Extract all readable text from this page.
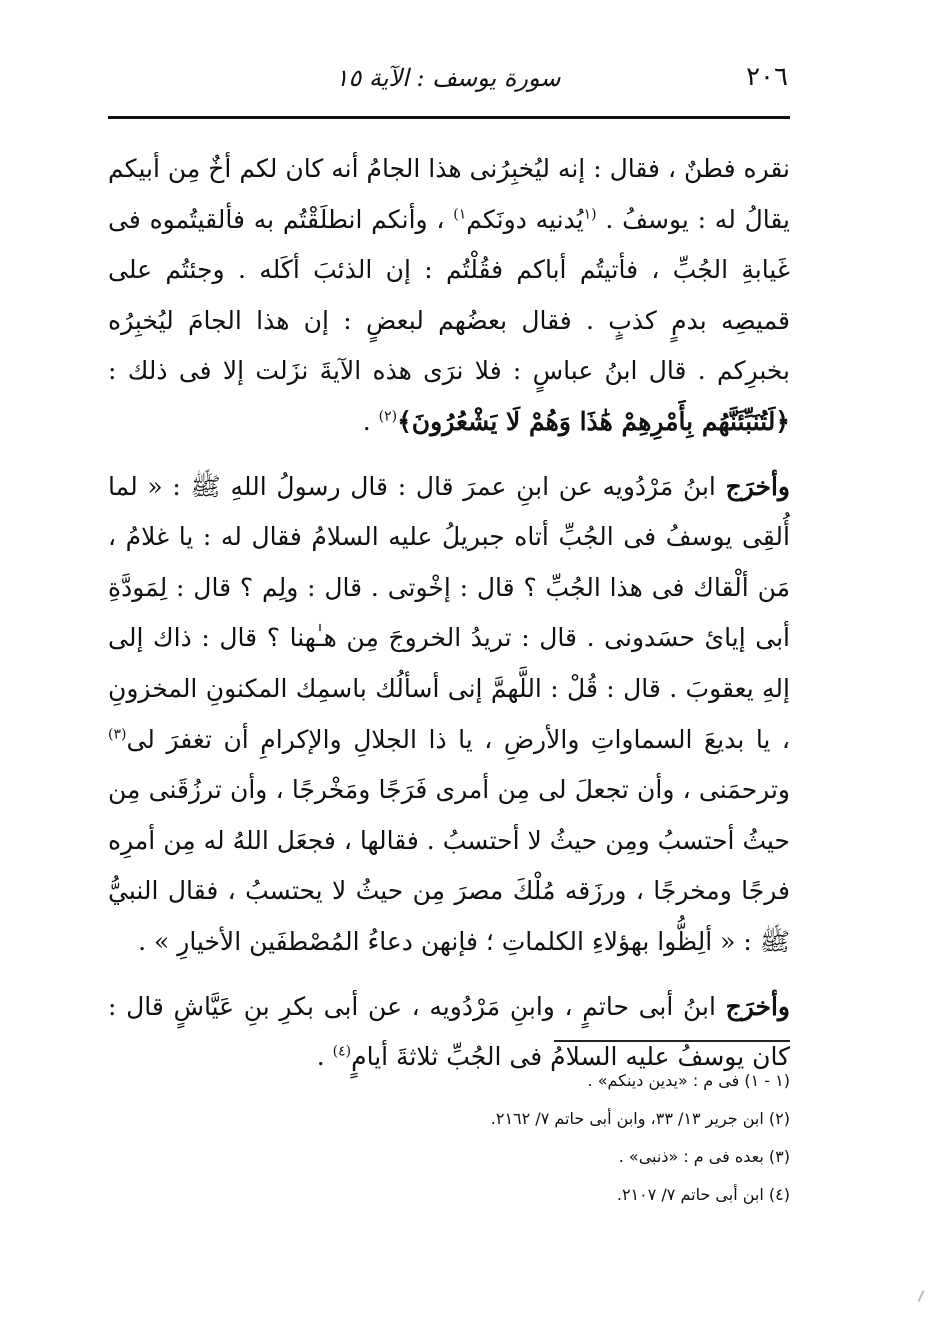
٢٠٦
سورة يوسف : الآية ١٥

نقره فطنٌ ، فقال : إنه ليُخبِرُنى هذا الجامُ أنه كان لكم أخٌ مِن أبيكم يقالُ له : يوسفُ . $^{(١}$يُدنيه دونَكم$^{١)}$ ، وأنكم انطلَقْتُم به فألقيتُموه فى غَيابةِ الجُبِّ ، فأتيتُم أباكم فقُلْتُم : إن الذئبَ أكَله . وجئتُم على قميصِه بدمٍ كذبٍ . فقال بعضُهم لبعضٍ : إن هذا الجامَ ليُخبِرُه بخبرِكم . قال ابنُ عباسٍ : فلا نرَى هذه الآيةَ نزَلت إلا فى ذلك : ﴿لَتُنَبِّئَنَّهُم بِأَمْرِهِمْ هَٰذَا وَهُمْ لَا يَشْعُرُونَ﴾$^{(٢)}$ .

وأخرَج ابنُ مَرْدُويه عن ابنِ عمرَ قال : قال رسولُ اللهِ ﷺ : « لما أُلقِى يوسفُ فى الجُبِّ أتاه جبريلُ عليه السلامُ فقال له : يا غلامُ ، مَن ألْقاك فى هذا الجُبِّ ؟ قال : إخْوتى . قال : ولِم ؟ قال : لِمَودَّةِ أبى إيائ حسَدونى . قال : تريدُ الخروجَ مِن هـٰهنا ؟ قال : ذاك إلى إلهِ يعقوبَ . قال : قُلْ : اللَّهمَّ إنى أسألُك باسمِك المكنونِ المخزونِ ، يا بديعَ السماواتِ والأرضِ ، يا ذا الجلالِ والإكرامِ أن تغفرَ لى$^{(٣)}$ وترحمَنى ، وأن تجعلَ لى مِن أمرى فَرَجًا ومَخْرجًا ، وأن ترزُقَنى مِن حيثُ أحتسبُ ومِن حيثُ لا أحتسبُ . فقالها ، فجعَل اللهُ له مِن أمرِه فرجًا ومخرجًا ، ورزَقه مُلْكَ مصرَ مِن حيثُ لا يحتسبُ ، فقال النبيُّ ﷺ : « ألِظُّوا بهؤلاءِ الكلماتِ ؛ فإنهن دعاءُ المُصْطفَين الأخيارِ » .

وأخرَج ابنُ أبى حاتمٍ ، وابنِ مَرْدُويه ، عن أبى بكرِ بنِ عَيَّاشٍ قال : كان يوسفُ عليه السلامُ فى الجُبِّ ثلاثةَ أيامٍ$^{(٤)}$ .

(١ - ١) فى م : «يدين دينكم» .

(٢) ابن جرير ١٣/ ٣٣، وابن أبى حاتم ٧/ ٢١٦٢.

(٣) بعده فى م : «ذنبى» .

(٤) ابن أبى حاتم ٧/ ٢١٠٧.
